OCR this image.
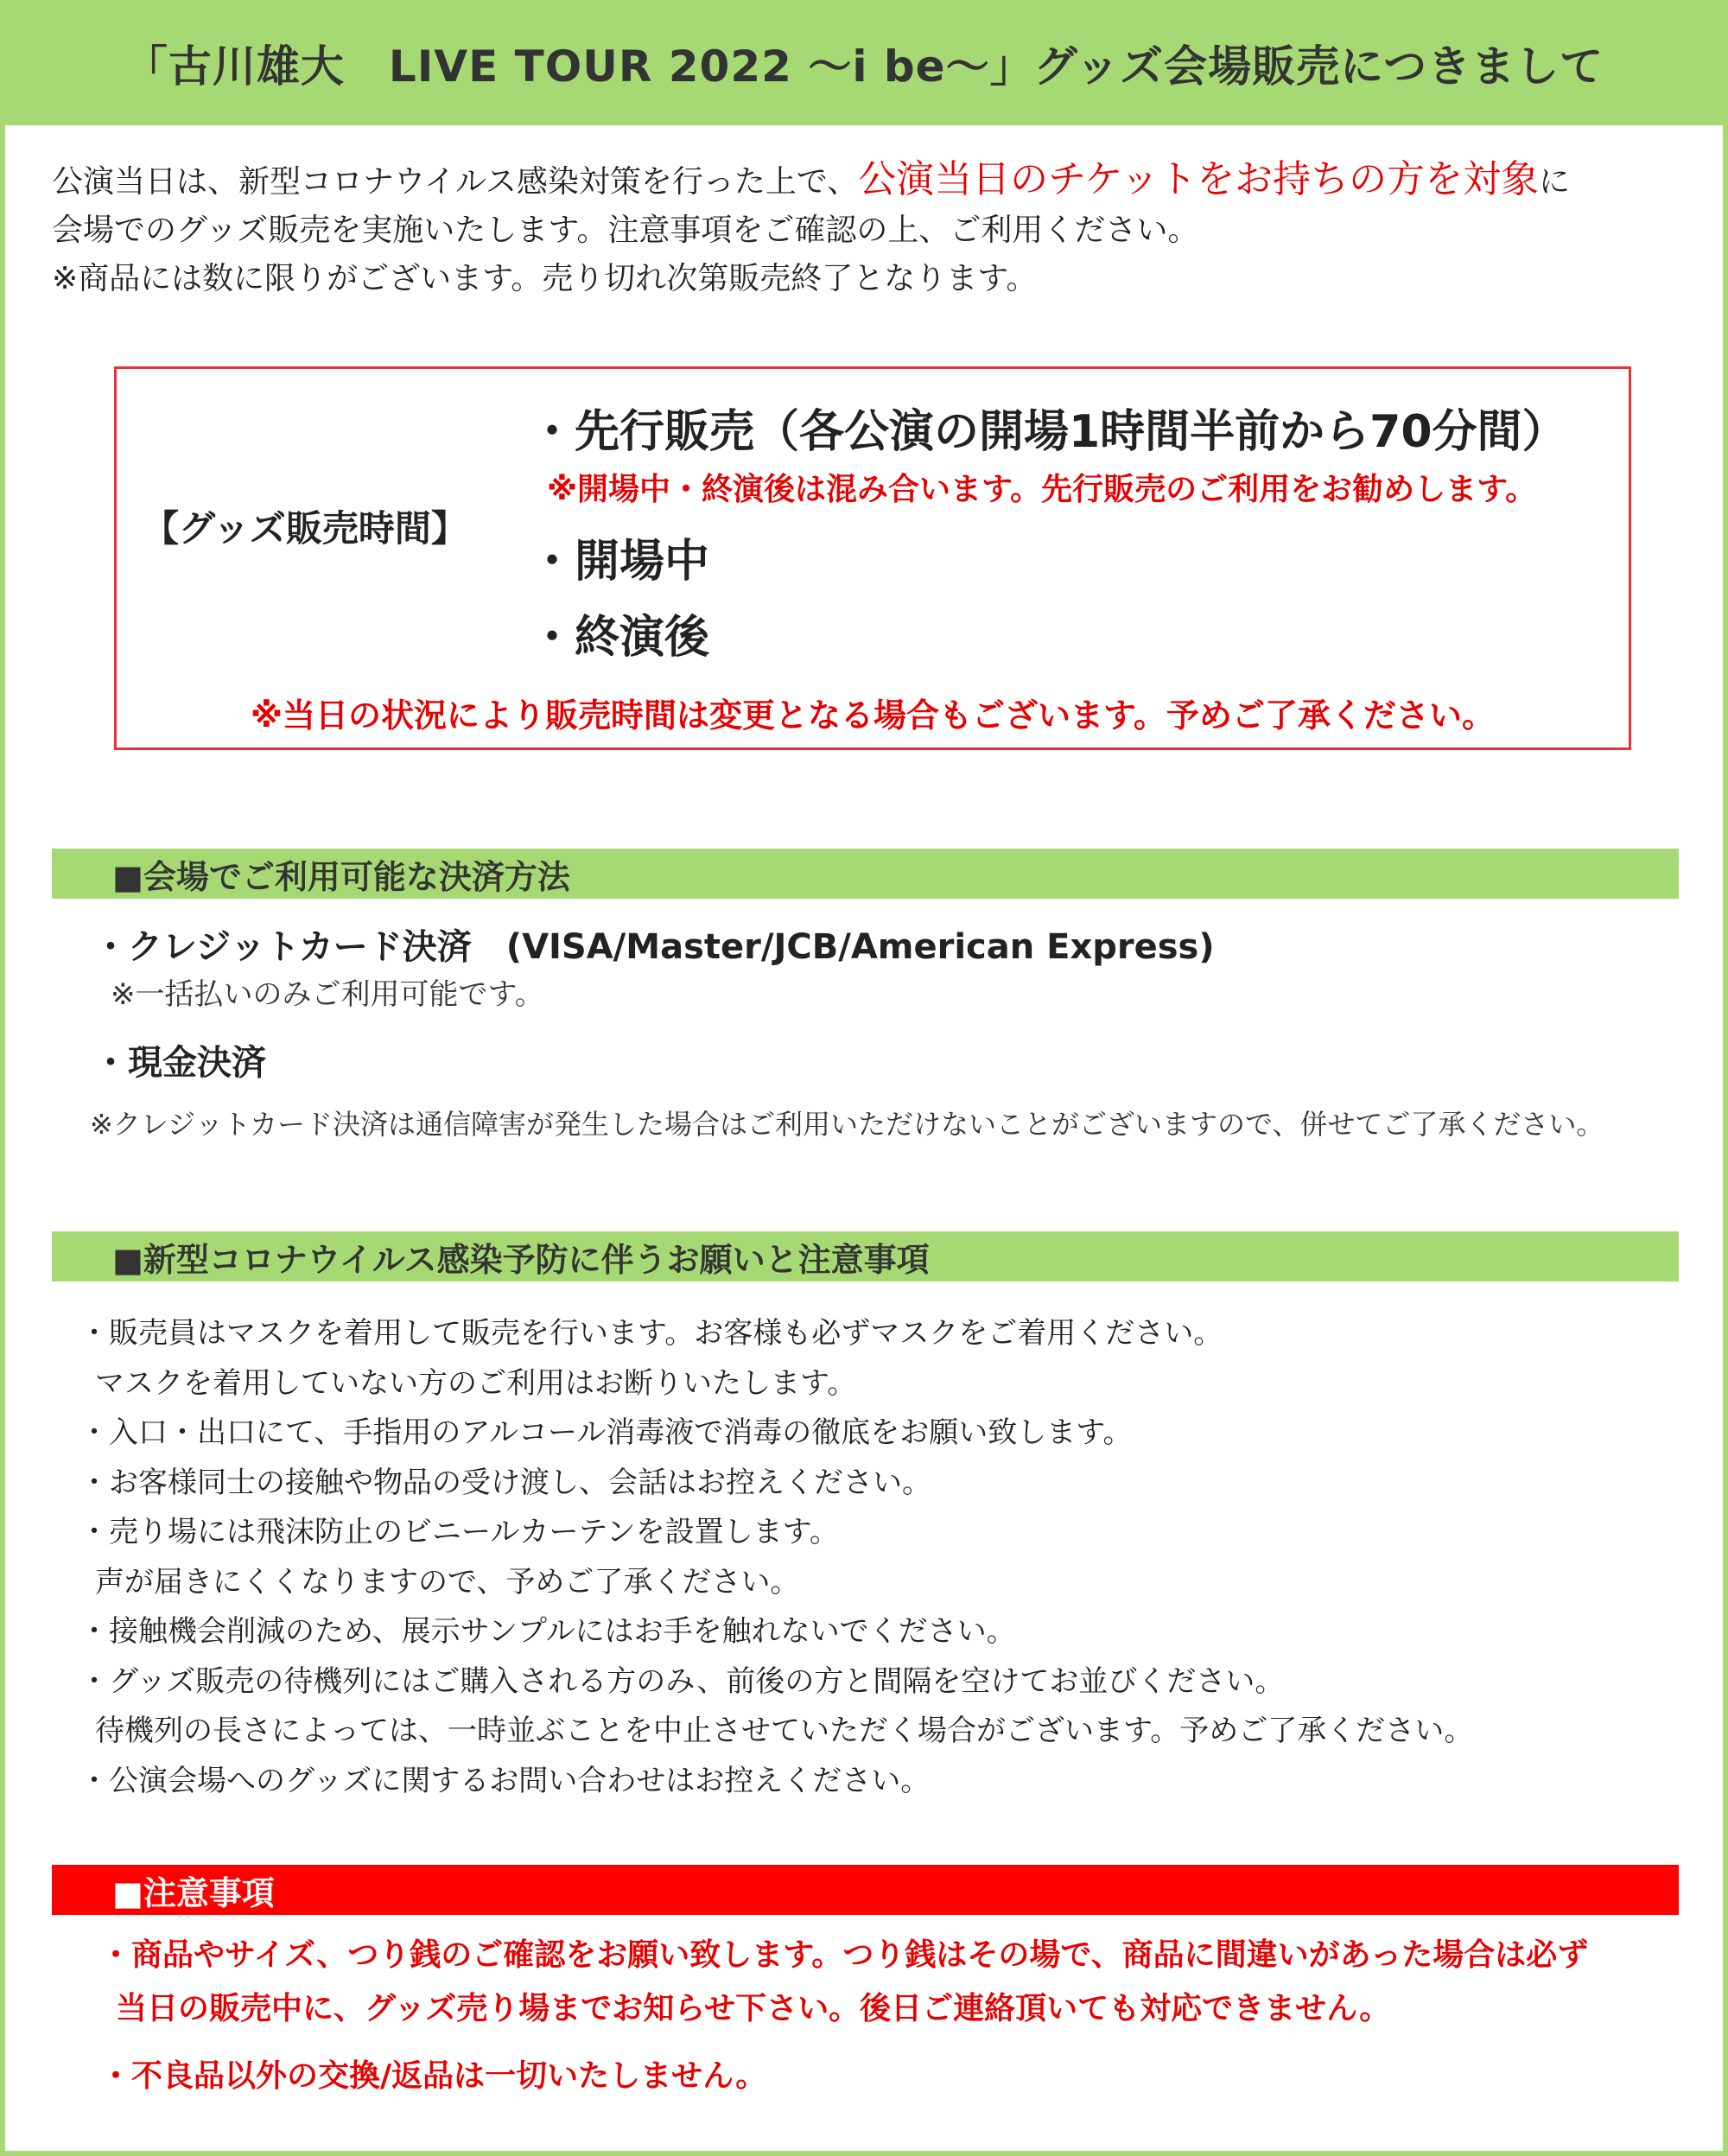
「古川雄大　LIVE TOUR 2022 〜i be〜」グッズ会場販売につきまして

公演当日は、新型コロナウイルス感染対策を行った上で、公演当日のチケットをお持ちの方を対象に

会場でのグッズ販売を実施いたします。注意事項をご確認の上、ご利用ください。

※商品には数に限りがございます。売り切れ次第販売終了となります。

【グッズ販売時間】
・先行販売（各公演の開場1時間半前から70分間）
※開場中・終演後は混み合います。先行販売のご利用をお勧めします。
・開場中
・終演後
※当日の状況により販売時間は変更となる場合もございます。予めご了承ください。
■会場でご利用可能な決済方法
・クレジットカード決済　(VISA/Master/JCB/American Express)
※一括払いのみご利用可能です。
・現金決済
※クレジットカード決済は通信障害が発生した場合はご利用いただけないことがございますので、併せてご了承ください。
■新型コロナウイルス感染予防に伴うお願いと注意事項
・販売員はマスクを着用して販売を行います。お客様も必ずマスクをご着用ください。
マスクを着用していない方のご利用はお断りいたします。
・入口・出口にて、手指用のアルコール消毒液で消毒の徹底をお願い致します。
・お客様同士の接触や物品の受け渡し、会話はお控えください。
・売り場には飛沫防止のビニールカーテンを設置します。
声が届きにくくなりますので、予めご了承ください。
・接触機会削減のため、展示サンプルにはお手を触れないでください。
・グッズ販売の待機列にはご購入される方のみ、前後の方と間隔を空けてお並びください。
待機列の長さによっては、一時並ぶことを中止させていただく場合がございます。予めご了承ください。
・公演会場へのグッズに関するお問い合わせはお控えください。
■注意事項
・商品やサイズ、つり銭のご確認をお願い致します。つり銭はその場で、商品に間違いがあった場合は必ず
当日の販売中に、グッズ売り場までお知らせ下さい。後日ご連絡頂いても対応できません。
・不良品以外の交換/返品は一切いたしません。
